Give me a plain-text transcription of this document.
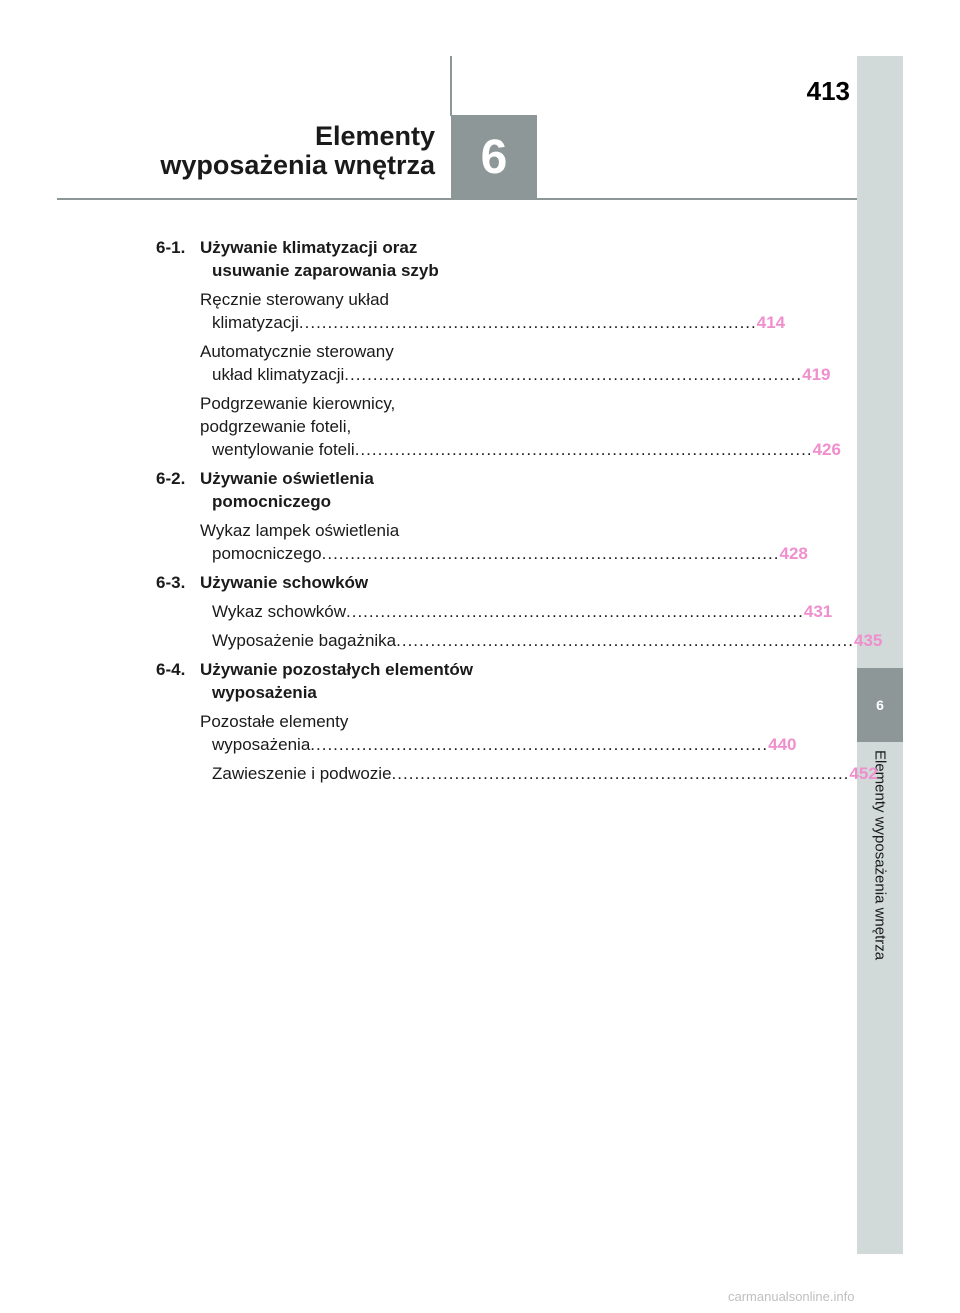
413
6
Elementy wyposażenia wnętrza
6
Elementy
wyposażenia wnętrza
6-1. Używanie klimatyzacji oraz usuwanie zaparowania szyb
Ręcznie sterowany układ
klimatyzacji ................................................................................ 414
Automatycznie sterowany
układ klimatyzacji ................................................................................ 419
Podgrzewanie kierownicy,
podgrzewanie foteli,
wentylowanie foteli ................................................................................ 426
6-2. Używanie oświetlenia pomocniczego
Wykaz lampek oświetlenia
pomocniczego ................................................................................ 428
6-3. Używanie schowków
Wykaz schowków ................................................................................ 431
Wyposażenie bagażnika ................................................................................ 435
6-4. Używanie pozostałych elementów wyposażenia
Pozostałe elementy
wyposażenia ................................................................................ 440
Zawieszenie i podwozie ................................................................................ 452
carmanualsonline.info
